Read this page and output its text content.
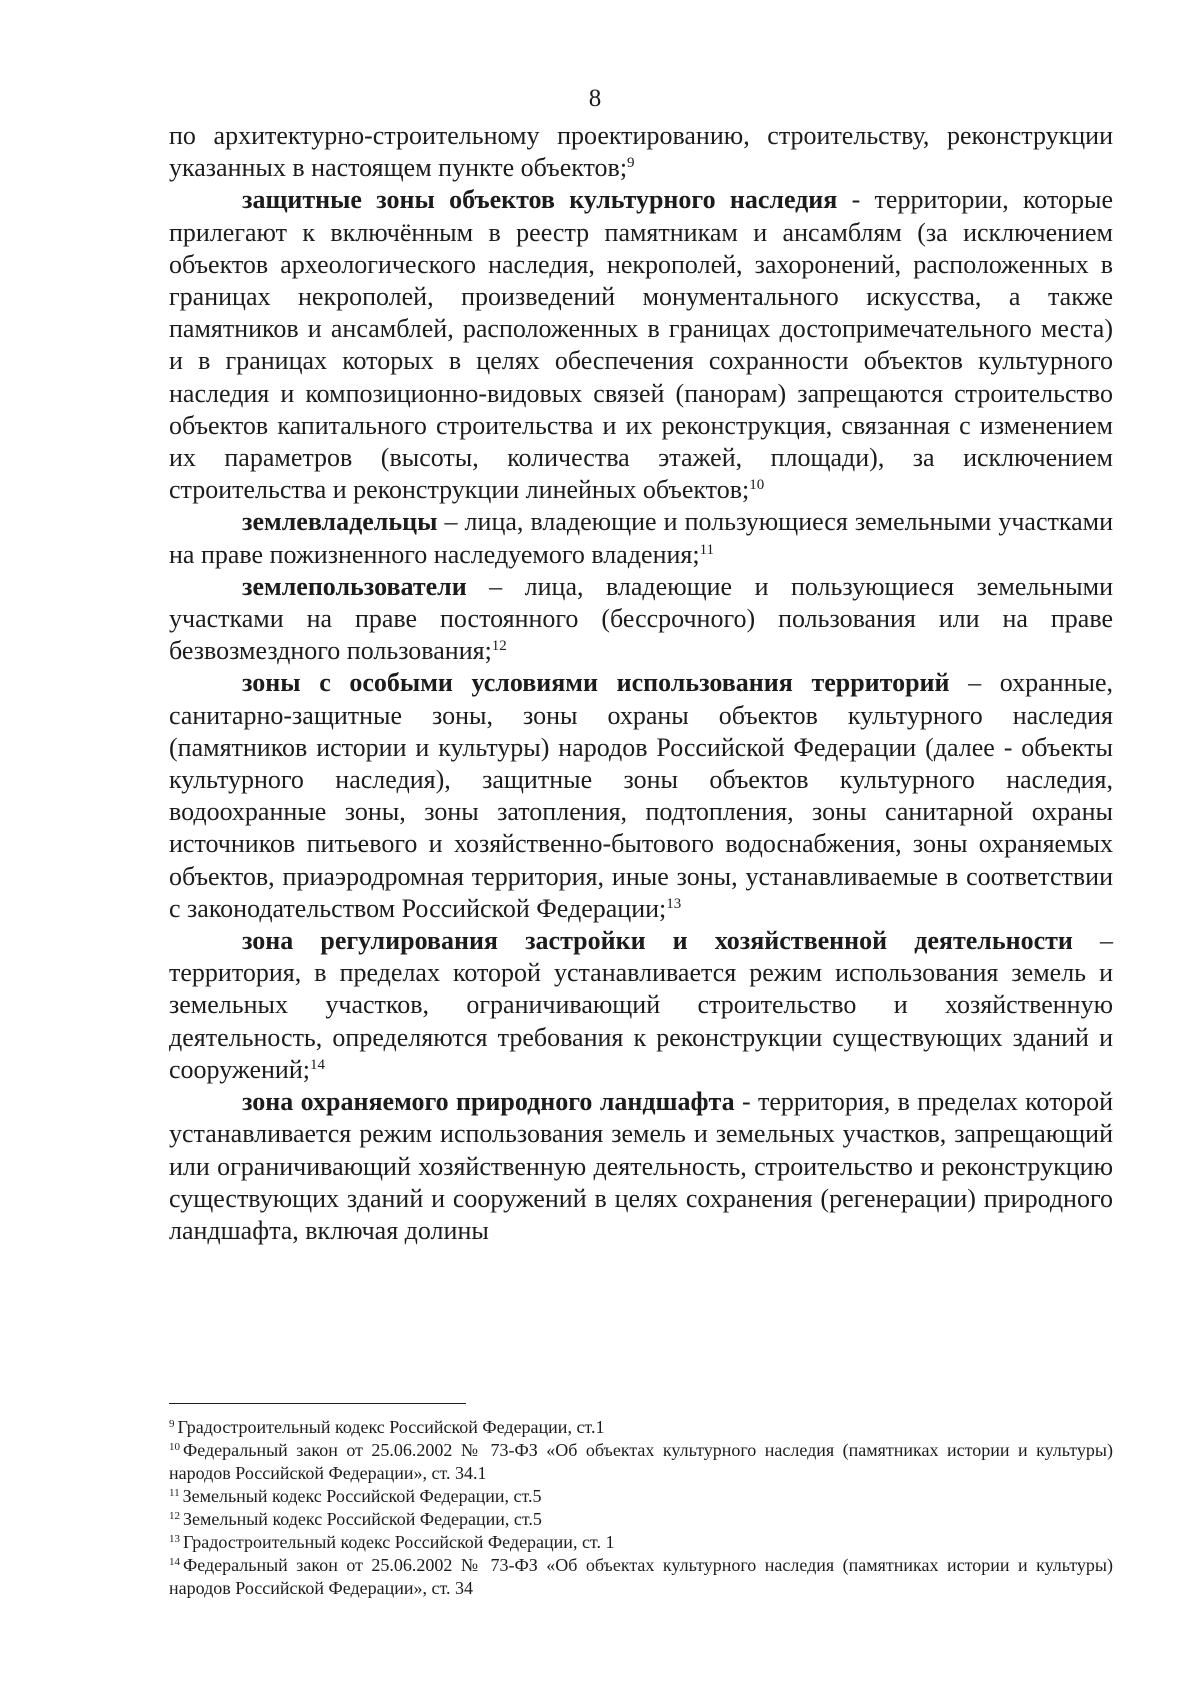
8

по архитектурно-строительному проектированию, строительству, реконструкции указанных в настоящем пункте объектов;$^9$

защитные зоны объектов культурного наследия - территории, которые прилегают к включённым в реестр памятникам и ансамблям (за исключением объектов археологического наследия, некрополей, захоронений, расположенных в границах некрополей, произведений монументального искусства, а также памятников и ансамблей, расположенных в границах достопримечательного места) и в границах которых в целях обеспечения сохранности объектов культурного наследия и композиционно-видовых связей (панорам) запрещаются строительство объектов капитального строительства и их реконструкция, связанная с изменением их параметров (высоты, количества этажей, площади), за исключением строительства и реконструкции линейных объектов;$^{10}$

землевладельцы – лица, владеющие и пользующиеся земельными участками на праве пожизненного наследуемого владения;$^{11}$

землепользователи – лица, владеющие и пользующиеся земельными участками на праве постоянного (бессрочного) пользования или на праве безвозмездного пользования;$^{12}$

зоны с особыми условиями использования территорий – охранные, санитарно-защитные зоны, зоны охраны объектов культурного наследия (памятников истории и культуры) народов Российской Федерации (далее - объекты культурного наследия), защитные зоны объектов культурного наследия, водоохранные зоны, зоны затопления, подтопления, зоны санитарной охраны источников питьевого и хозяйственно-бытового водоснабжения, зоны охраняемых объектов, приаэродромная территория, иные зоны, устанавливаемые в соответствии с законодательством Российской Федерации;$^{13}$

зона регулирования застройки и хозяйственной деятельности – территория, в пределах которой устанавливается режим использования земель и земельных участков, ограничивающий строительство и хозяйственную деятельность, определяются требования к реконструкции существующих зданий и сооружений;$^{14}$

зона охраняемого природного ландшафта - территория, в пределах которой устанавливается режим использования земель и земельных участков, запрещающий или ограничивающий хозяйственную деятельность, строительство и реконструкцию существующих зданий и сооружений в целях сохранения (регенерации) природного ландшафта, включая долины

$^9$ Градостроительный кодекс Российской Федерации, ст.1

$^{10}$ Федеральный закон от 25.06.2002 № 73-ФЗ «Об объектах культурного наследия (памятниках истории и культуры) народов Российской Федерации», ст. 34.1

$^{11}$ Земельный кодекс Российской Федерации, ст.5

$^{12}$ Земельный кодекс Российской Федерации, ст.5

$^{13}$ Градостроительный кодекс Российской Федерации, ст. 1

$^{14}$ Федеральный закон от 25.06.2002 № 73-ФЗ «Об объектах культурного наследия (памятниках истории и культуры) народов Российской Федерации», ст. 34
